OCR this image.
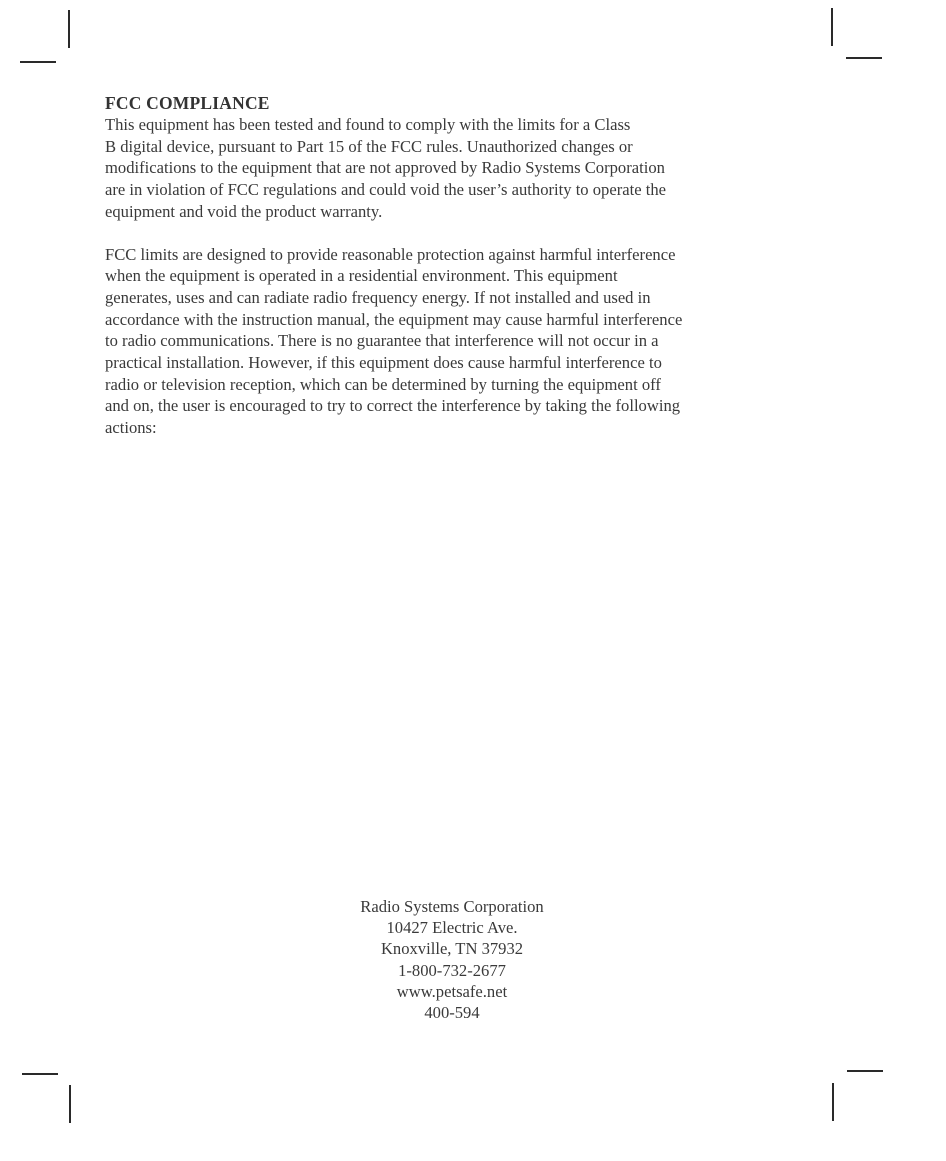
FCC COMPLIANCE

This equipment has been tested and found to comply with the limits for a Class
B digital device, pursuant to Part 15 of the FCC rules. Unauthorized changes or
modifications to the equipment that are not approved by Radio Systems Corporation
are in violation of FCC regulations and could void the user’s authority to operate the
equipment and void the product warranty.

FCC limits are designed to provide reasonable protection against harmful interference
when the equipment is operated in a residential environment. This equipment
generates, uses and can radiate radio frequency energy. If not installed and used in
accordance with the instruction manual, the equipment may cause harmful interference
to radio communications. There is no guarantee that interference will not occur in a
practical installation. However, if this equipment does cause harmful interference to
radio or television reception, which can be determined by turning the equipment off
and on, the user is encouraged to try to correct the interference by taking the following
actions:

Radio Systems Corporation
10427 Electric Ave.
Knoxville, TN 37932
1-800-732-2677
www.petsafe.net
400-594
